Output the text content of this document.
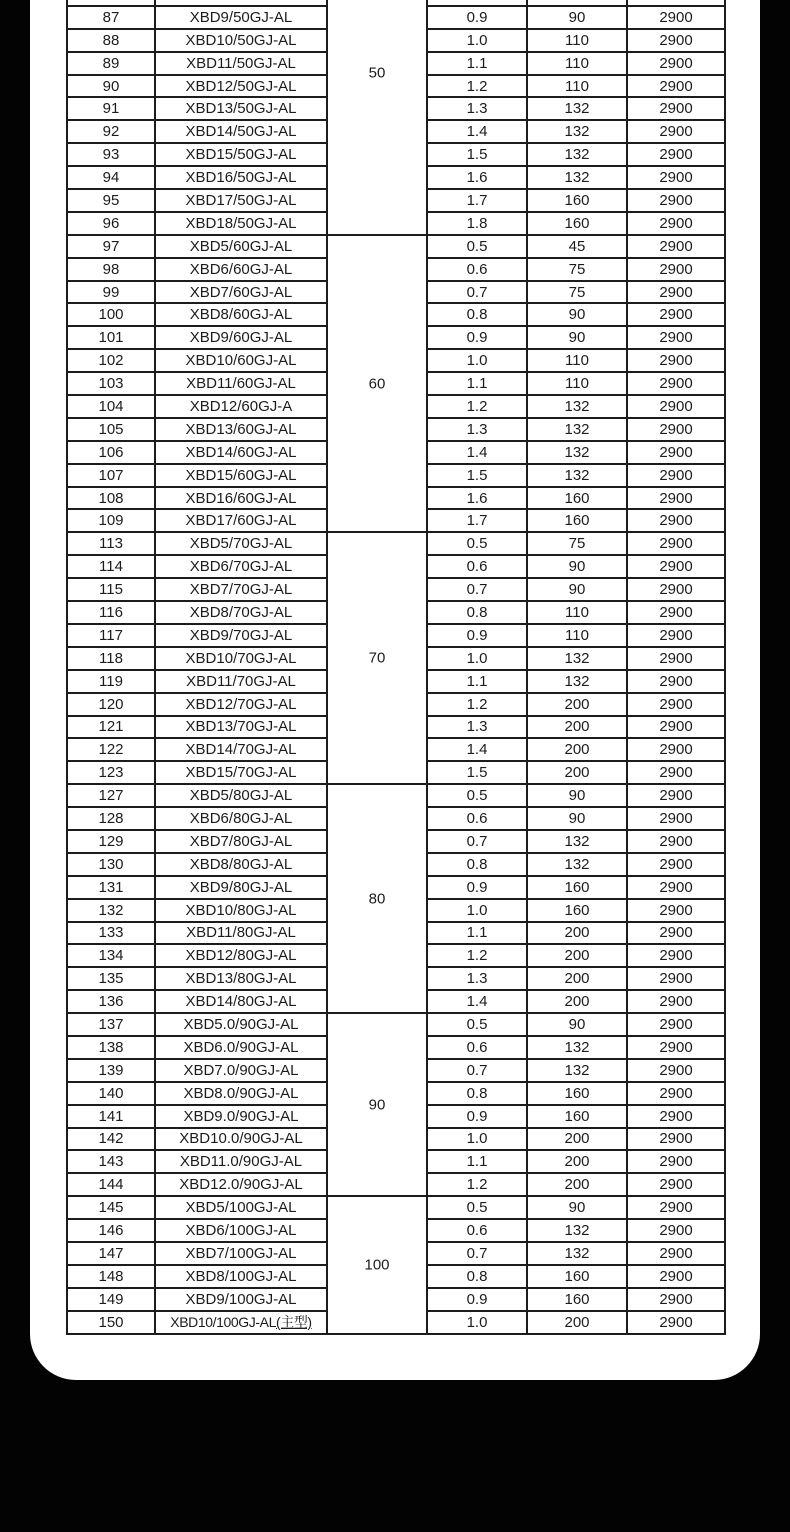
		50			

87	XBD9/50GJ-AL		0.9	90	2900
88	XBD10/50GJ-AL		1.0	110	2900
89	XBD11/50GJ-AL		1.1	110	2900
90	XBD12/50GJ-AL		1.2	110	2900
91	XBD13/50GJ-AL		1.3	132	2900
92	XBD14/50GJ-AL		1.4	132	2900
93	XBD15/50GJ-AL		1.5	132	2900
94	XBD16/50GJ-AL		1.6	132	2900
95	XBD17/50GJ-AL		1.7	160	2900
96	XBD18/50GJ-AL		1.8	160	2900
97	XBD5/60GJ-AL	60	0.5	45	2900
98	XBD6/60GJ-AL		0.6	75	2900
99	XBD7/60GJ-AL		0.7	75	2900
100	XBD8/60GJ-AL		0.8	90	2900
101	XBD9/60GJ-AL		0.9	90	2900
102	XBD10/60GJ-AL		1.0	110	2900
103	XBD11/60GJ-AL		1.1	110	2900
104	XBD12/60GJ-A		1.2	132	2900
105	XBD13/60GJ-AL		1.3	132	2900
106	XBD14/60GJ-AL		1.4	132	2900
107	XBD15/60GJ-AL		1.5	132	2900
108	XBD16/60GJ-AL		1.6	160	2900
109	XBD17/60GJ-AL		1.7	160	2900
113	XBD5/70GJ-AL	70	0.5	75	2900
114	XBD6/70GJ-AL		0.6	90	2900
115	XBD7/70GJ-AL		0.7	90	2900
116	XBD8/70GJ-AL		0.8	110	2900
117	XBD9/70GJ-AL		0.9	110	2900
118	XBD10/70GJ-AL		1.0	132	2900
119	XBD11/70GJ-AL		1.1	132	2900
120	XBD12/70GJ-AL		1.2	200	2900
121	XBD13/70GJ-AL		1.3	200	2900
122	XBD14/70GJ-AL		1.4	200	2900
123	XBD15/70GJ-AL		1.5	200	2900
127	XBD5/80GJ-AL	80	0.5	90	2900
128	XBD6/80GJ-AL		0.6	90	2900
129	XBD7/80GJ-AL		0.7	132	2900
130	XBD8/80GJ-AL		0.8	132	2900
131	XBD9/80GJ-AL		0.9	160	2900
132	XBD10/80GJ-AL		1.0	160	2900
133	XBD11/80GJ-AL		1.1	200	2900
134	XBD12/80GJ-AL		1.2	200	2900
135	XBD13/80GJ-AL		1.3	200	2900
136	XBD14/80GJ-AL		1.4	200	2900
137	XBD5.0/90GJ-AL	90	0.5	90	2900
138	XBD6.0/90GJ-AL		0.6	132	2900
139	XBD7.0/90GJ-AL		0.7	132	2900
140	XBD8.0/90GJ-AL		0.8	160	2900
141	XBD9.0/90GJ-AL		0.9	160	2900
142	XBD10.0/90GJ-AL		1.0	200	2900
143	XBD11.0/90GJ-AL		1.1	200	2900
144	XBD12.0/90GJ-AL		1.2	200	2900
145	XBD5/100GJ-AL	100	0.5	90	2900
146	XBD6/100GJ-AL		0.6	132	2900
147	XBD7/100GJ-AL		0.7	132	2900
148	XBD8/100GJ-AL		0.8	160	2900
149	XBD9/100GJ-AL		0.9	160	2900
150	XBD10/100GJ-AL(主型)		1.0	200	2900
